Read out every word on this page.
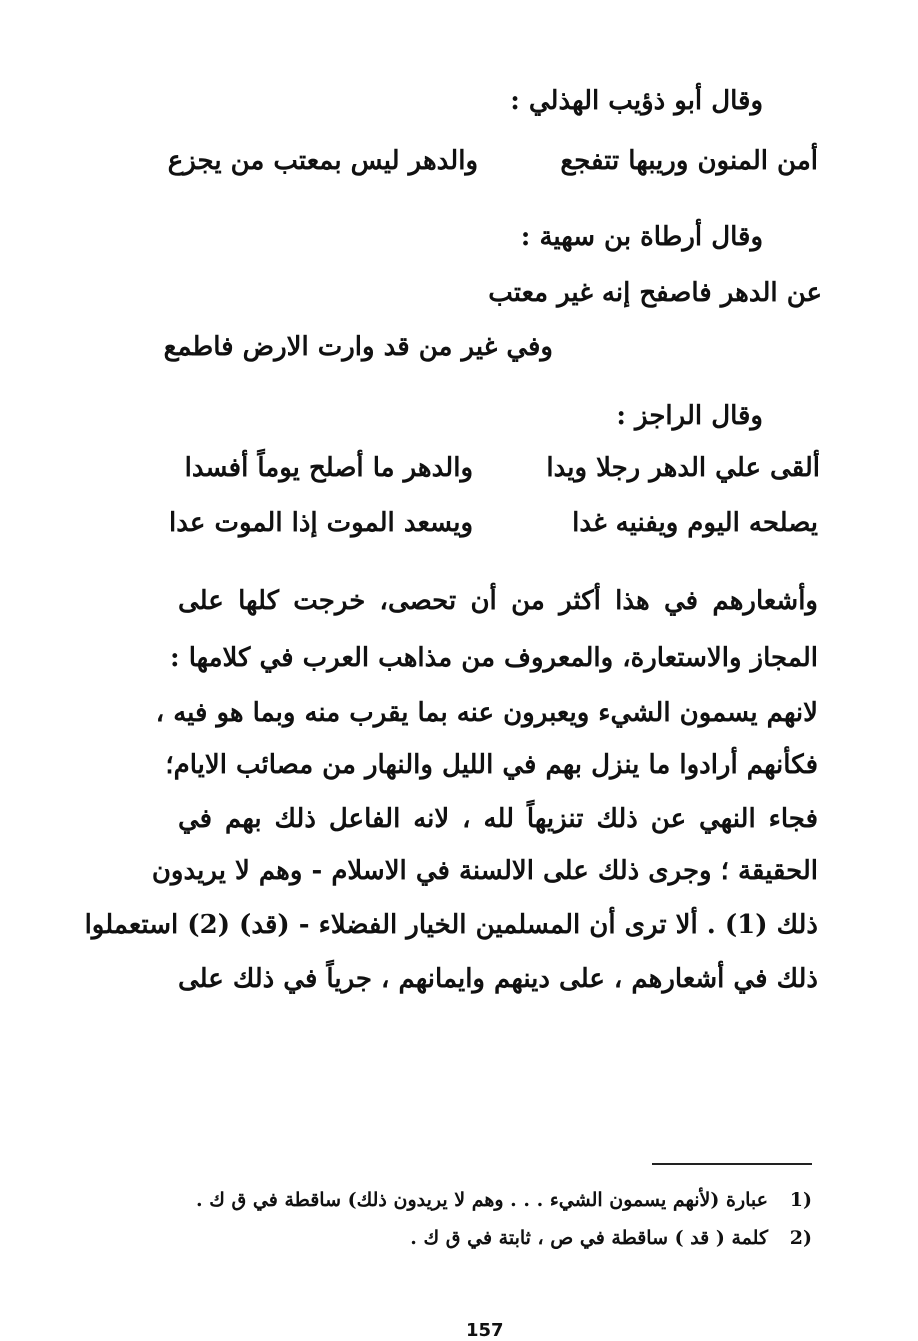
وقال أبو ذؤيب الهذلي :
أمن المنون وريبها تتفجع
والدهر ليس بمعتب من يجزع
وقال أرطاة بن سهية :
عن الدهر فاصفح إنه غير معتب
وفي غير من قد وارت الارض فاطمع
وقال الراجز :
ألقى علي الدهر رجلا ويدا
والدهر ما أصلح يوماً أفسدا
يصلحه اليوم ويفنيه غدا
ويسعد الموت إذا الموت عدا
وأشعارهم في هذا أكثر من أن تحصى، خرجت كلها على
المجاز والاستعارة، والمعروف من مذاهب العرب في كلامها :
لانهم يسمون الشيء ويعبرون عنه بما يقرب منه وبما هو فيه ،
فكأنهم أرادوا ما ينزل بهم في الليل والنهار من مصائب الايام؛
فجاء النهي عن ذلك تنزيهاً لله ، لانه الفاعل ذلك بهم في
الحقيقة ؛ وجرى ذلك على الالسنة في الاسلام - وهم لا يريدون
ذلك (1) . ألا ترى أن المسلمين الخيار الفضلاء - (قد) (2) استعملوا
ذلك في أشعارهم ، على دينهم وايمانهم ، جرياً في ذلك على
1)
عبارة (لأنهم يسمون الشيء . . . وهم لا يريدون ذلك) ساقطة في ق ك .
2)
كلمة ( قد ) ساقطة في ص ، ثابتة في ق ك .
157
